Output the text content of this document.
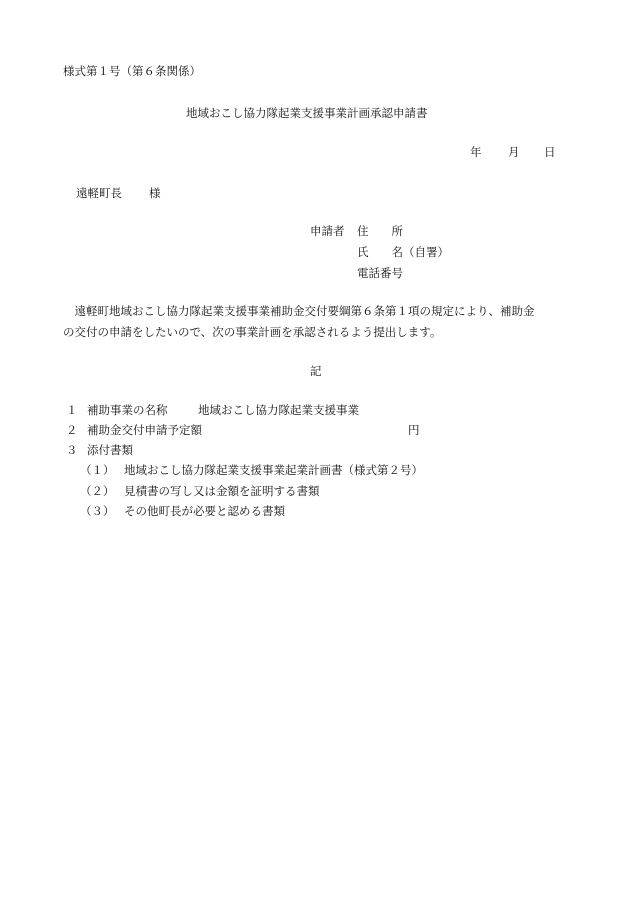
様式第１号（第６条関係）
地域おこし協力隊起業支援事業計画承認申請書
年 月 日
遠軽町長 様
申請者 住　　所
氏　　名（自署）
電話番号
　遠軽町地域おこし協力隊起業支援事業補助金交付要綱第６条第１項の規定により、補助金
の交付の申請をしたいので、次の事業計画を承認されるよう提出します。
記
１ 補助事業の名称	地域おこし協力隊起業支援事業
２ 補助金交付申請予定額	円
３ 添付書類
（１） 地域おこし協力隊起業支援事業起業計画書（様式第２号）
（２） 見積書の写し又は金額を証明する書類
（３） その他町長が必要と認める書類
